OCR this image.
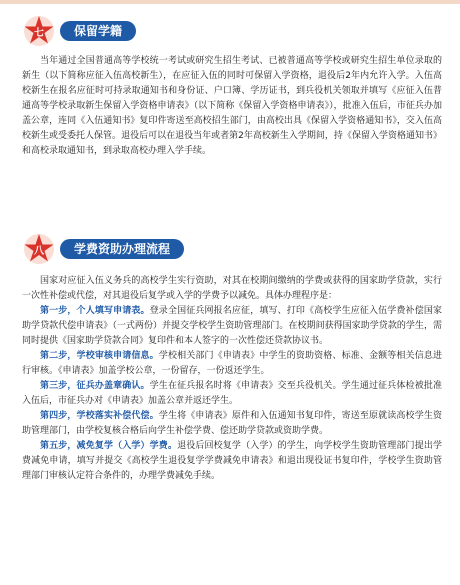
七	保留学籍

当年通过全国普通高等学校统一考试或研究生招生考试、已被普通高等学校或研究生招生单位录取的新生（以下简称应征入伍高校新生），在应征入伍的同时可保留入学资格，退役后2年内允许入学。入伍高校新生在报名应征时可持录取通知书和身份证、户口簿、学历证书，到兵役机关领取并填写《应征入伍普通高等学校录取新生保留入学资格申请表》（以下简称《保留入学资格申请表》），批准入伍后，市征兵办加盖公章，连同《入伍通知书》复印件寄送至高校招生部门，由高校出具《保留入学资格通知书》，交入伍高校新生或受委托人保管。退役后可以在退役当年或者第2年高校新生入学期间，持《保留入学资格通知书》和高校录取通知书，到录取高校办理入学手续。

八	学费资助办理流程

国家对应征入伍义务兵的高校学生实行资助，对其在校期间缴纳的学费或获得的国家助学贷款，实行一次性补偿或代偿，对其退役后复学或入学的学费予以减免。具体办理程序是：

第一步，个人填写申请表。登录全国征兵网报名应征，填写、打印《高校学生应征入伍学费补偿国家助学贷款代偿申请表》（一式两份）并提交学校学生资助管理部门。在校期间获得国家助学贷款的学生，需同时提供《国家助学贷款合同》复印件和本人签字的一次性偿还贷款协议书。

第二步，学校审核申请信息。学校相关部门《申请表》中学生的资助资格、标准、金额等相关信息进行审核。《申请表》加盖学校公章，一份留存，一份返还学生。

第三步，征兵办盖章确认。学生在征兵报名时将《申请表》交至兵役机关。学生通过征兵体检被批准入伍后，市征兵办对《申请表》加盖公章并返还学生。

第四步，学校落实补偿代偿。学生将《申请表》原件和入伍通知书复印件，寄送至原就读高校学生资助管理部门，由学校复核合格后向学生补偿学费、偿还助学贷款或资助学费。

第五步，减免复学（入学）学费。退役后回校复学（入学）的学生，向学校学生资助管理部门提出学费减免申请，填写并提交《高校学生退役复学学费减免申请表》和退出现役证书复印件，学校学生资助管理部门审核认定符合条件的，办理学费减免手续。
